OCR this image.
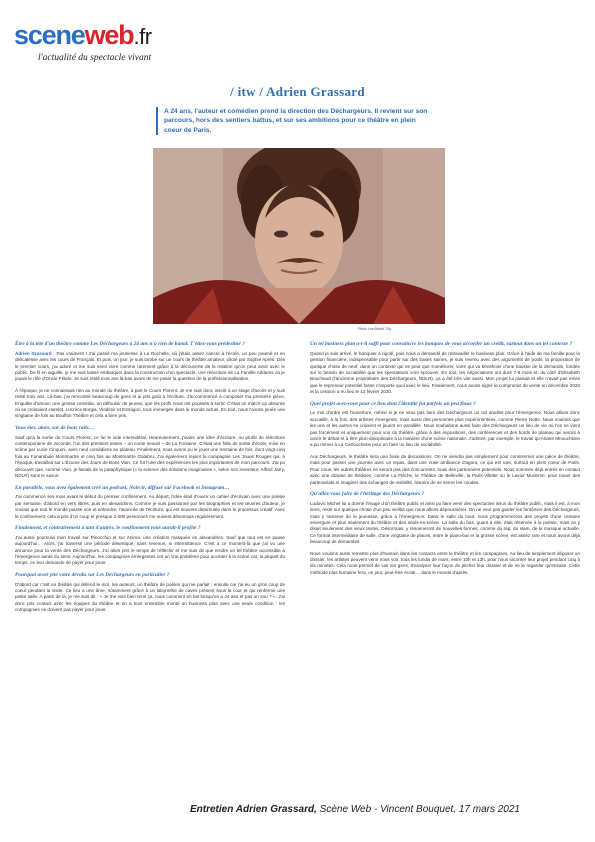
sceneweb.fr
l'actualité du spectacle vivant
/ itw / Adrien Grassard
A 24 ans, l'auteur et comédien prend la direction des Déchargeurs. Il revient sur son parcours, hors des sentiers battus, et sur ses ambitions pour ce théâtre en plein coeur de Paris.
Photo Léa Bélaïd-Tilly
Être à la tête d'un théâtre comme Les Déchargeurs à 24 ans n'a rien de banal. T'étiez-vous prédestiné ?

Adrien Grassard : Pas vraiment ! J'ai passé ma jeunesse à La Rochelle, où j'étais assez cancre à l'école, un peu paumé et en délicatesse avec les cours de Français. Et puis, un jour, je suis tombé sur un cours de théâtre amateur, piloté par Sophie Après. Dès le premier cours, j'ai adoré et me suis senti vivre comme rarement grâce à la découverte de la relation qu'on peut avoir avec le public. De fil en aiguille, je me suis laissé embarquer dans la construction d'un spectacle, une réécriture de La Famille Addams où je jouais le rôle d'Oncle Fétide. Je suis resté trois ans là-bas avant de me poser la question de la professionnalisation.

À l'époque, je ne connaissais rien au monde du théâtre, à part le Cours Florent. Je me suis donc inscrit à un stage d'accès et y suis resté trois ans. Là-bas, j'ai rencontré beaucoup de gens et ai pris goût à l'écriture. J'ai commencé à composer ma première pièce, Enquête d'amour, une grosse comédie, un défouloir de jeunes, que les profs nous ont poussés à sortir. C'était un match-up absurde où se croisaient Hamlet, Lucrèce Borgia, Vladimir et Estragon, tous immergés dans le monde actuel. En tout, nous l'avons jouée une vingtaine de fois au Bouffon Théâtre et cela a bien pris.

Vous êtes, alors, sur de bons rails…

Sauf qu'à la sortie du Cours Florent, ce fut le vide intersidéral. Heureusement, j'avais une idée d'écriture, ou plutôt de réécriture contemporaine de Joconde, l'un des premiers textes – un conte sexuel – de La Fontaine. C'était une folle de sortie d'école, mise en scène par Lucie Cinquini, avec neuf comédiens au plateau. Finalement, nous avons pu le jouer une trentaine de fois, dont vingt-cinq fois au Funambule Montmartre et cinq fois au Montmartre Galabru. J'ai également rejoint la compagnie Les Joues Rouges qui, à l'époque, travaillait sur L'Écume des Jours de Boris Vian. Ce fut l'une des expériences les plus importantes de mon parcours. J'ai pu découvrir que, comme Vian, je faisais de la pataphysique (« la science des solutions imaginaires », selon son inventeur, Alfred Jarry, NDLR) sans le savoir.

En parallèle, vous avez également créé un podcast, Noircir, diffusé sur Facebook et Instagram…

J'ai commencé ses mois avant le début du premier confinement. Au départ, l'idée était d'ouvrir un cahier d'écrivain avec une poésie par semaine, d'abord en vers libres, puis en alexandrins. Comme je suis passionné par les biographies et les œuvres d'auteur, je voulais que tout le monde puisse voir et entendre, l'avancée de l'écriture, qui est souvent dissimulée dans le processus créatif. Avec le confinement, cela a pris d'un coup et presque 2.000 personnes me suivent désormais régulièrement.

Finalement, et contrairement à tant d'autres, le confinement vous aurait-il profité ?

J'ai aussi poursuivi mon travail sur Pinocchio et sur Anima, une création masquée en alexandrins. Sauf que tout est en pause aujourd'hui… Alors, j'ai traversé une période désertique, sans revenus, ni intermittence. C'est à ce moment-là que j'ai vu une annonce pour la vente des Déchargeurs. J'ai alors pris le temps de réfléchir et me suis dit que rendre un tel théâtre accessible à l'émergence aurait du sens. Aujourd'hui, les compagnies émergentes ont un vrai problème pour accéder à la scène car, la plupart du temps, on leur demande de payer pour jouer.

Pourquoi avoir jeté votre dévolu sur Les Déchargeurs en particulier ?

D'abord car c'est un théâtre qui défend le mot, les auteurs, un théâtre de poètes qui me parlait ; ensuite car j'ai eu un gros coup de coeur pendant la visite. Ce lieu a une âme, notamment grâce à un labyrinthe de caves présent sous la cour et qui renferme une petite salle. A partir de là, je me suis dit : « Je me vois bien tenir ça, mais comment en fait lorsqu'on a 24 ans et pas un sou ? ». J'ai donc pris contact avec les équipes du théâtre et on a tous ensemble monté un business plan avec une seule condition : les compagnies ne doivent pas payer pour jouer.

Un tel business plan a-t-il suffi pour convaincre les banques de vous accorder un crédit, surtout dans un tel contexte ?

Quand je suis arrivé, le banquier a rigolé, puis nous a demandé de retravailler le business plan. Grâce à l'aide de ma famille pour la gestion financière, indispensable pour partir sur des bases saines, je suis revenu avec des arguments de poids, la proposition de quelque chose de neuf, dans un contexte qui ne peut que s'améliorer, voire qui va bénéficier d'une hausse de la demande, fondée sur le besoin de sociabilité que les spectateurs vont éprouver. En tout, les négociations ont duré 7-8 mois et, du côté d'Elisabeth Bouchaud (l'ancienne propriétaire des Déchargeurs, NDLR), ça a été très vite aussi. Mon projet lui plaisait et elle n'avait pas envie que le repreneur potentiel fasse n'importe quoi avec le lieu. Finalement, nous avons signé le compromis de vente en décembre 2020 et la cession a eu lieu le 12 février 2020.

Quel projet avez-vous pour ce lieu dont l'identité fut parfois un peu floue ?

Le mot d'ordre est l'ouverture, même si je ne veux pas faire des Déchargeurs un nid douillet pour l'émergence. Nous allons donc accueillir, à la fois, des artistes émergents, mais aussi des personnes plus expérimentées, comme Pierre Notte. Nous voulons que les uns et les autres se croisent et jouent en parallèle. Nous souhaitons aussi faire des Déchargeurs un lieu de vie où l'on ne vient pas forcément et uniquement pour voir du théâtre, grâce à des expositions, des conférences et des bords de plateau qui seront à ouvrir le débat et à être pluri-disciplinaire à la manière d'une scène nationale. J'admire, par exemple, le travail qu'Ariane Mnouchkine a pu mener à La Cartoucherie pour en faire un lieu de sociabilité.

Aux Déchargeurs, le théâtre sera une base de discussions. On ne viendra pas simplement pour consommer une pièce de théâtre, mais pour passer une journée avec un repas, dans une vraie ambiance d'agora, ce qui est rare, surtout en plein coeur de Paris. Pour nous, les autres théâtres ne seront pas des concurrents, mais des partenaires potentiels. Nous sommes déjà entrés en contact avec une dizaine de théâtres, comme La Flèche, le Théâtre de Belleville, la Paris-Villette ou le Lavoir Moderne, pour nouer des partenariats et imaginer des échanges de visibilité, histoire de se serrer les coudes.

Qu'allez-vous faire de l'héritage des Déchargeurs ?

Ludovic Michel lui a donné l'image d'un théâtre public et ainsi pu faire venir des spectacles issus du théâtre public, mais il est, à mon sens, resté sur quelque chose d'un peu vieillot que nous allons dépoussiérer. On ne veut pas garder les fantômes des Déchargeurs, mais y ramener de la jeunesse, grâce à l'émergence. Dans le salle du haut, nous programmerons des projets d'une certaine envergure et plus seulement du théâtre et des seuls-en-scène. La salle du bas, quant à elle, était réservée à la poésie, mais on y disait seulement des vieux textes. Désormais, y résonneront de nouvelles formes, comme du rap, du slam, de la musique actuelle. Ce format intermédiaire de salle, d'une vingtaine de places, entre le piano-bar et la grosse scène, est assez rare et nous avons déjà beaucoup de demandes.

Nous voulons aussi remettre plus d'humain dans les contacts entre le théâtre et les compagnies. Au lieu de simplement déposer un dossier, les artistes peuvent venir nous voir, tous les lundis de mars, entre 10h et 13h, pour nous raconter leur projet pendant cinq à dix minutes. Cela nous permet de voir les gens, d'analyser leur façon de pitcher leur dossier et de ne le regarder qu'ensuite. Cette méthode plus humaine fera, un jour, peut-être école… dans le monde d'après.

Entretien Adrien Grassard, Scène Web - Vincent Bouquet, 17 mars 2021
